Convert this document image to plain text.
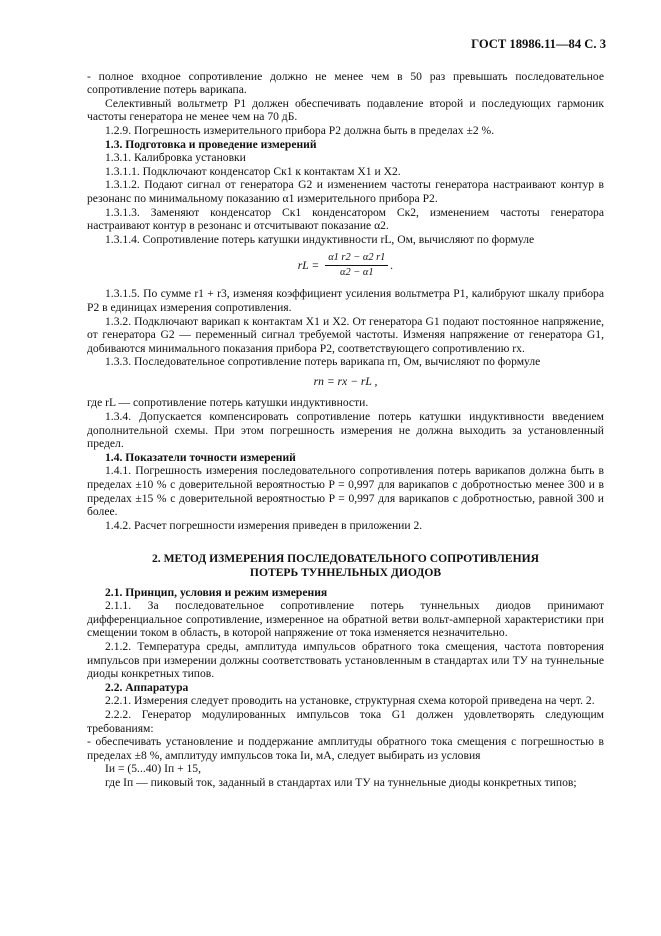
ГОСТ 18986.11—84 С. 3

- полное входное сопротивление должно не менее чем в 50 раз превышать последовательное сопротивление потерь варикапа.

Селективный вольтметр P1 должен обеспечивать подавление второй и последующих гармоник частоты генератора не менее чем на 70 дБ.

1.2.9. Погрешность измерительного прибора P2 должна быть в пределах ±2 %.

1.3. Подготовка и проведение измерений

1.3.1. Калибровка установки

1.3.1.1. Подключают конденсатор Cк1 к контактам X1 и X2.

1.3.1.2. Подают сигнал от генератора G2 и изменением частоты генератора настраивают контур в резонанс по минимальному показанию α1 измерительного прибора P2.

1.3.1.3. Заменяют конденсатор Cк1 конденсатором Cк2, изменением частоты генератора настраивают контур в резонанс и отсчитывают показание α2.

1.3.1.4. Сопротивление потерь катушки индуктивности rL, Ом, вычисляют по формуле

rL = $\frac{\alpha 1 r2 - \alpha 2 r1}{\alpha 2 - \alpha 1}$ .

1.3.1.5. По сумме r1 + r3, изменяя коэффициент усиления вольтметра P1, калибруют шкалу прибора P2 в единицах измерения сопротивления.

1.3.2. Подключают варикап к контактам X1 и X2. От генератора G1 подают постоянное напряжение, от генератора G2 — переменный сигнал требуемой частоты. Изменяя напряжение от генератора G1, добиваются минимального показания прибора P2, соответствующего сопротивлению rx.

1.3.3. Последовательное сопротивление потерь варикапа rп, Ом, вычисляют по формуле

rп = rx − rL ,

где rL — сопротивление потерь катушки индуктивности.

1.3.4. Допускается компенсировать сопротивление потерь катушки индуктивности введением дополнительной схемы. При этом погрешность измерения не должна выходить за установленный предел.

1.4. Показатели точности измерений

1.4.1. Погрешность измерения последовательного сопротивления потерь варикапов должна быть в пределах ±10 % с доверительной вероятностью P = 0,997 для варикапов с добротностью менее 300 и в пределах ±15 % с доверительной вероятностью P = 0,997 для варикапов с добротностью, равной 300 и более.

1.4.2. Расчет погрешности измерения приведен в приложении 2.

2. МЕТОД ИЗМЕРЕНИЯ ПОСЛЕДОВАТЕЛЬНОГО СОПРОТИВЛЕНИЯ

ПОТЕРЬ ТУННЕЛЬНЫХ ДИОДОВ

2.1. Принцип, условия и режим измерения

2.1.1. За последовательное сопротивление потерь туннельных диодов принимают дифференциальное сопротивление, измеренное на обратной ветви вольт-амперной характеристики при смещении током в область, в которой напряжение от тока изменяется незначительно.

2.1.2. Температура среды, амплитуда импульсов обратного тока смещения, частота повторения импульсов при измерении должны соответствовать установленным в стандартах или ТУ на туннельные диоды конкретных типов.

2.2. Аппаратура

2.2.1. Измерения следует проводить на установке, структурная схема которой приведена на черт. 2.

2.2.2. Генератор модулированных импульсов тока G1 должен удовлетворять следующим требованиям:

- обеспечивать установление и поддержание амплитуды обратного тока смещения с погрешностью в пределах ±8 %, амплитуду импульсов тока Iи, мА, следует выбирать из условия

Iи = (5...40) Iп + 15,

где Iп — пиковый ток, заданный в стандартах или ТУ на туннельные диоды конкретных типов;
